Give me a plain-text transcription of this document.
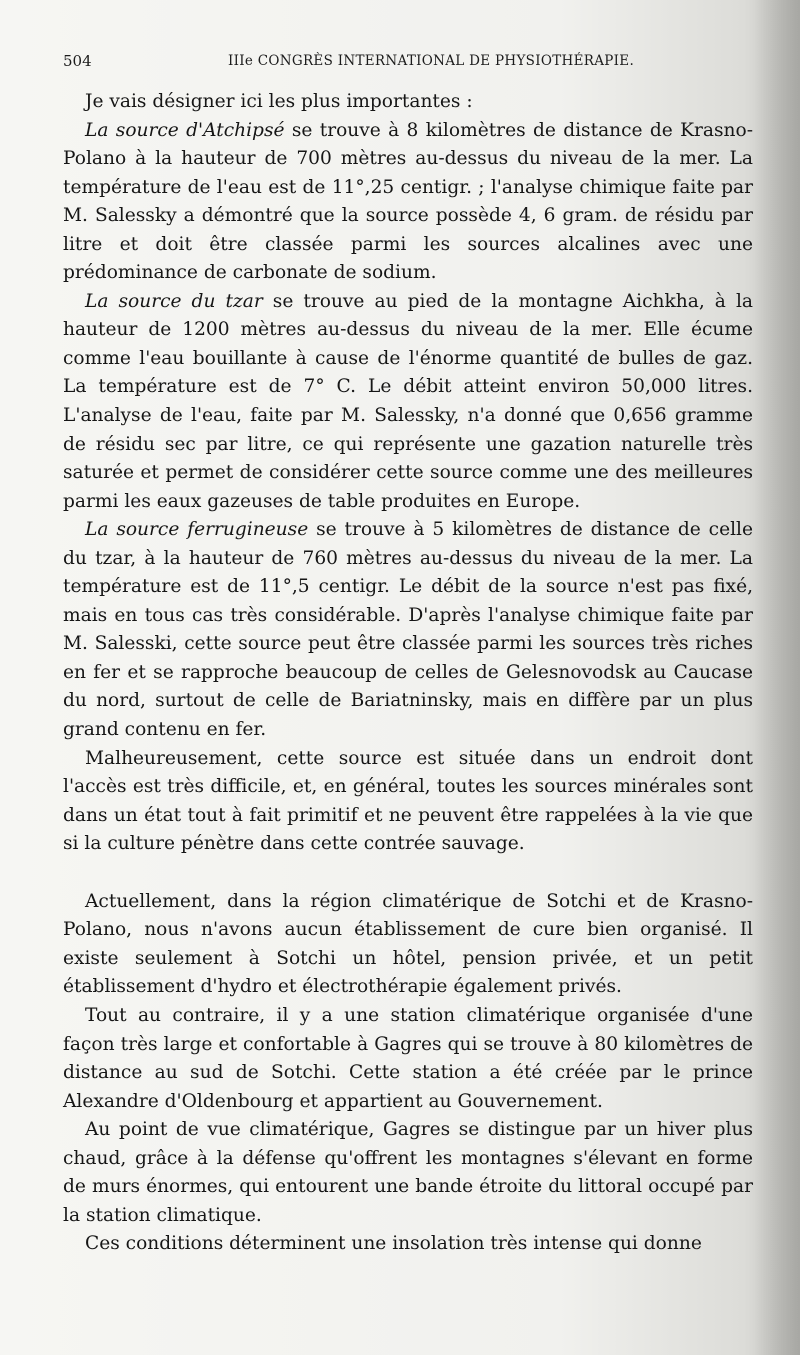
504	IIIe CONGRÈS INTERNATIONAL DE PHYSIOTHÉRAPIE.

Je vais désigner ici les plus importantes :

La source d'Atchipsé se trouve à 8 kilomètres de distance de Krasno-Polano à la hauteur de 700 mètres au-dessus du niveau de la mer. La température de l'eau est de 11°,25 centigr. ; l'analyse chimique faite par M. Salessky a démontré que la source possède 4, 6 gram. de résidu par litre et doit être classée parmi les sources alcalines avec une prédominance de carbonate de sodium.

La source du tzar se trouve au pied de la montagne Aichkha, à la hauteur de 1200 mètres au-dessus du niveau de la mer. Elle écume comme l'eau bouillante à cause de l'énorme quantité de bulles de gaz. La température est de 7° C. Le débit atteint environ 50,000 litres. L'analyse de l'eau, faite par M. Salessky, n'a donné que 0,656 gramme de résidu sec par litre, ce qui représente une gazation naturelle très saturée et permet de considérer cette source comme une des meilleures parmi les eaux gazeuses de table produites en Europe.

La source ferrugineuse se trouve à 5 kilomètres de distance de celle du tzar, à la hauteur de 760 mètres au-dessus du niveau de la mer. La température est de 11°,5 centigr. Le débit de la source n'est pas fixé, mais en tous cas très considérable. D'après l'analyse chimique faite par M. Salesski, cette source peut être classée parmi les sources très riches en fer et se rapproche beaucoup de celles de Gelesnovodsk au Caucase du nord, surtout de celle de Bariatninsky, mais en diffère par un plus grand contenu en fer.

Malheureusement, cette source est située dans un endroit dont l'accès est très difficile, et, en général, toutes les sources minérales sont dans un état tout à fait primitif et ne peuvent être rappelées à la vie que si la culture pénètre dans cette contrée sauvage.

Actuellement, dans la région climatérique de Sotchi et de Krasno-Polano, nous n'avons aucun établissement de cure bien organisé. Il existe seulement à Sotchi un hôtel, pension privée, et un petit établissement d'hydro et électrothérapie également privés.

Tout au contraire, il y a une station climatérique organisée d'une façon très large et confortable à Gagres qui se trouve à 80 kilomètres de distance au sud de Sotchi. Cette station a été créée par le prince Alexandre d'Oldenbourg et appartient au Gouvernement.

Au point de vue climatérique, Gagres se distingue par un hiver plus chaud, grâce à la défense qu'offrent les montagnes s'élevant en forme de murs énormes, qui entourent une bande étroite du littoral occupé par la station climatique.

Ces conditions déterminent une insolation très intense qui donne
